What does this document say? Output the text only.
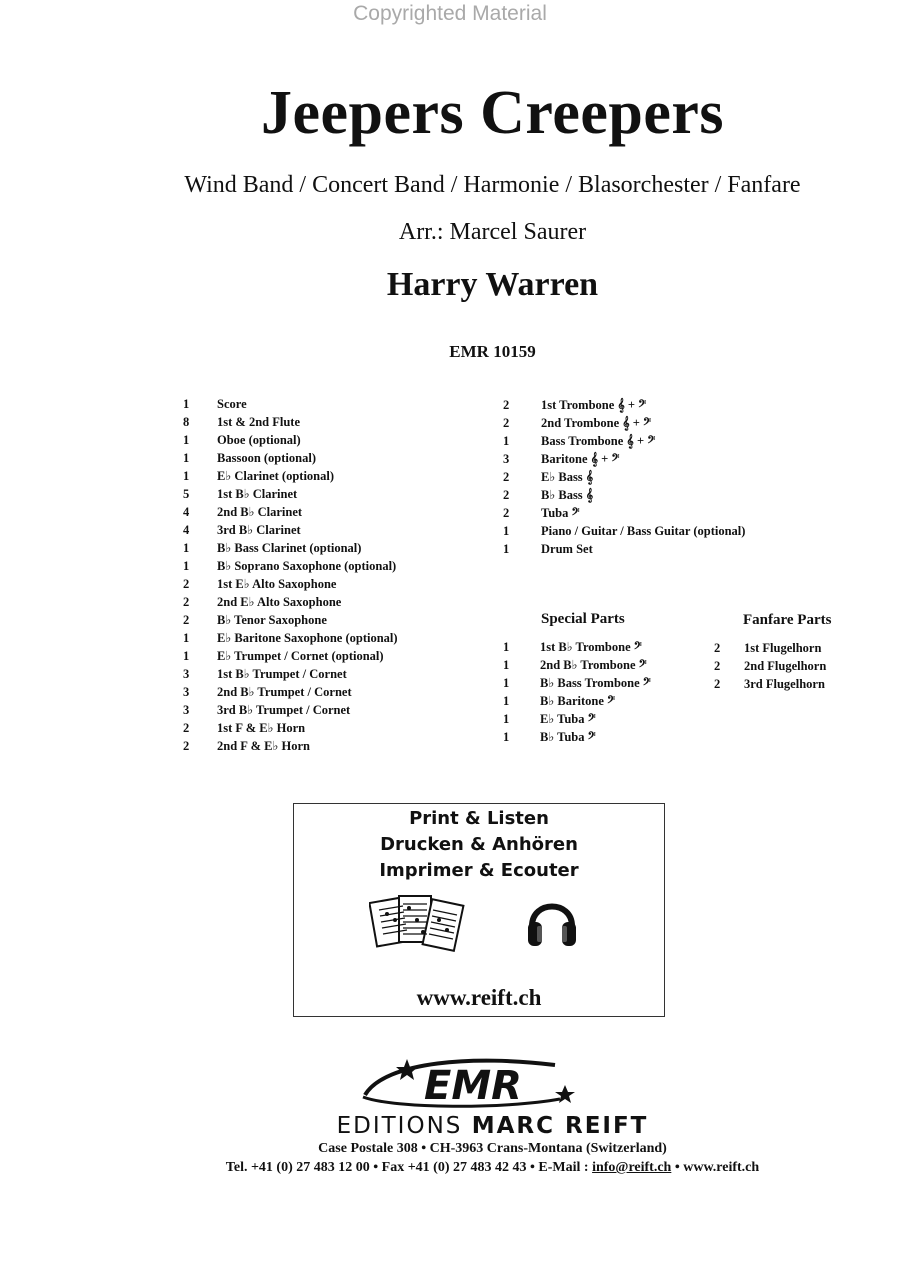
Copyrighted Material
Jeepers Creepers
Wind Band / Concert Band / Harmonie / Blasorchester / Fanfare
Arr.: Marcel Saurer
Harry Warren
EMR 10159
1 Score
8 1st & 2nd Flute
1 Oboe (optional)
1 Bassoon (optional)
1 E♭ Clarinet (optional)
5 1st B♭ Clarinet
4 2nd B♭ Clarinet
4 3rd B♭ Clarinet
1 B♭ Bass Clarinet (optional)
1 B♭ Soprano Saxophone (optional)
2 1st E♭ Alto Saxophone
2 2nd E♭ Alto Saxophone
2 B♭ Tenor Saxophone
1 E♭ Baritone Saxophone (optional)
1 E♭ Trumpet / Cornet (optional)
3 1st B♭ Trumpet / Cornet
3 2nd B♭ Trumpet / Cornet
3 3rd B♭ Trumpet / Cornet
2 1st F & E♭ Horn
2 2nd F & E♭ Horn
2	1st Trombone 𝄞 + 𝄢
2	2nd Trombone 𝄞 + 𝄢
1	Bass Trombone 𝄞 + 𝄢
3	Baritone 𝄞 + 𝄢
2	E♭ Bass 𝄞
2	B♭ Bass 𝄞
2	Tuba 𝄢
1	Piano / Guitar / Bass Guitar (optional)
1	Drum Set
Special Parts
1 1st B♭ Trombone 𝄢
1 2nd B♭ Trombone 𝄢
1 B♭ Bass Trombone 𝄢
1 B♭ Baritone 𝄢
1 E♭ Tuba 𝄢
1 B♭ Tuba 𝄢
Fanfare Parts
2 1st Flugelhorn
2 2nd Flugelhorn
2 3rd Flugelhorn
Print & Listen
Drucken & Anhören
Imprimer & Ecouter
www.reift.ch
EMR
EDITIONS MARC REIFT
Case Postale 308 • CH-3963 Crans-Montana (Switzerland)
Tel. +41 (0) 27 483 12 00 • Fax +41 (0) 27 483 42 43 • E-Mail : info@reift.ch • www.reift.ch
